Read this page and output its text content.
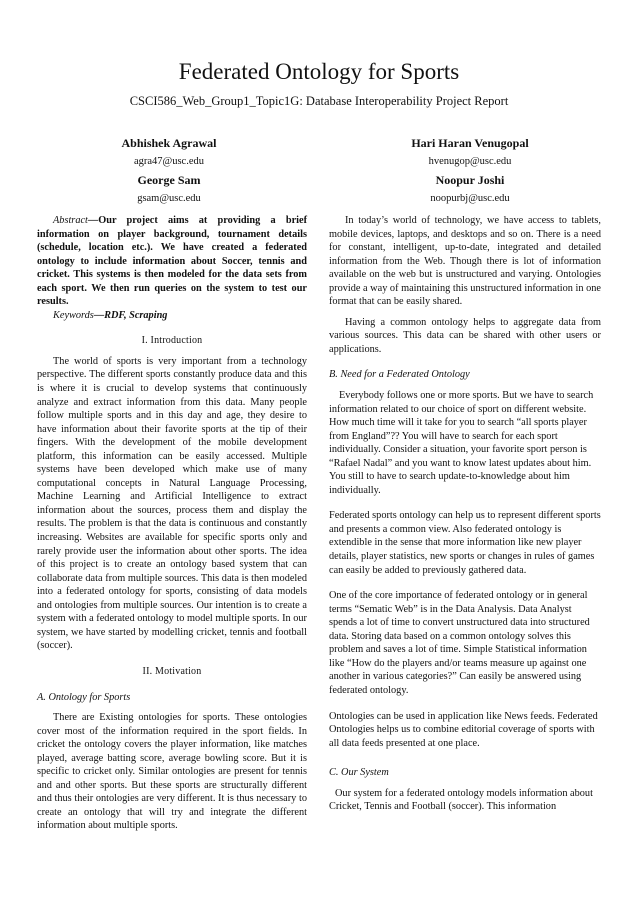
Federated Ontology for Sports
CSCI586_Web_Group1_Topic1G: Database Interoperability Project Report
Abhishek Agrawal
agra47@usc.edu
Hari Haran Venugopal
hvenugop@usc.edu
George Sam
gsam@usc.edu
Noopur Joshi
noopurbj@usc.edu

Abstract—Our project aims at providing a brief information on player background, tournament details (schedule, location etc.). We have created a federated ontology to include information about Soccer, tennis and cricket. This systems is then modeled for the data sets from each sport. We then run queries on the system to test our results.

Keywords—RDF, Scraping

I. Introduction

The world of sports is very important from a technology perspective. The different sports constantly produce data and this is where it is crucial to develop systems that continuously analyze and extract information from this data. Many people follow multiple sports and in this day and age, they desire to have information about their favorite sports at the tip of their fingers. With the development of the mobile development platform, this information can be easily accessed. Multiple systems have been developed which make use of many computational concepts in Natural Language Processing, Machine Learning and Artificial Intelligence to extract information about the sources, process them and display the results. The problem is that the data is continuous and constantly increasing. Websites are available for specific sports only and rarely provide user the information about other sports. The idea of this project is to create an ontology based system that can collaborate data from multiple sources. This data is then modeled into a federated ontology for sports, consisting of data models and ontologies from multiple sources. Our intention is to create a system with a federated ontology to model multiple sports. In our system, we have started by modelling cricket, tennis and football (soccer).

II. Motivation

A. Ontology for Sports

There are Existing ontologies for sports. These ontologies cover most of the information required in the sport fields. In cricket the ontology covers the player information, like matches played, average batting score, average bowling score. But it is specific to cricket only. Similar ontologies are present for tennis and and other sports. But these sports are structurally different and thus their ontologies are very different. It is thus necessary to create an ontology that will try and integrate the different information about multiple sports.

In today’s world of technology, we have access to tablets, mobile devices, laptops, and desktops and so on. There is a need for constant, intelligent, up-to-date, integrated and detailed information from the Web. Though there is lot of information available on the web but is unstructured and varying. Ontologies provide a way of maintaining this unstructured information in one format that can be easily shared.

Having a common ontology helps to aggregate data from various sources. This data can be shared with other users or applications.

B. Need for a Federated Ontology

Everybody follows one or more sports. But we have to search information related to our choice of sport on different website. How much time will it take for you to search “all sports player from England”?? You will have to search for each sport individually. Consider a situation, your favorite sport person is “Rafael Nadal” and you want to know latest updates about him. You still to have to search update-to-knowledge about him individually.

Federated sports ontology can help us to represent different sports and presents a common view. Also federated ontology is extendible in the sense that more information like new player details, player statistics, new sports or changes in rules of games can easily be added to previously gathered data.

One of the core importance of federated ontology or in general terms “Sematic Web” is in the Data Analysis. Data Analyst spends a lot of time to convert unstructured data into structured data. Storing data based on a common ontology solves this problem and saves a lot of time. Simple Statistical information like “How do the players and/or teams measure up against one another in various categories?” Can easily be answered using federated ontology.

Ontologies can be used in application like News feeds. Federated Ontologies helps us to combine editorial coverage of sports with all data feeds presented at one place.

C. Our System

Our system for a federated ontology models information about Cricket, Tennis and Football (soccer). This information
